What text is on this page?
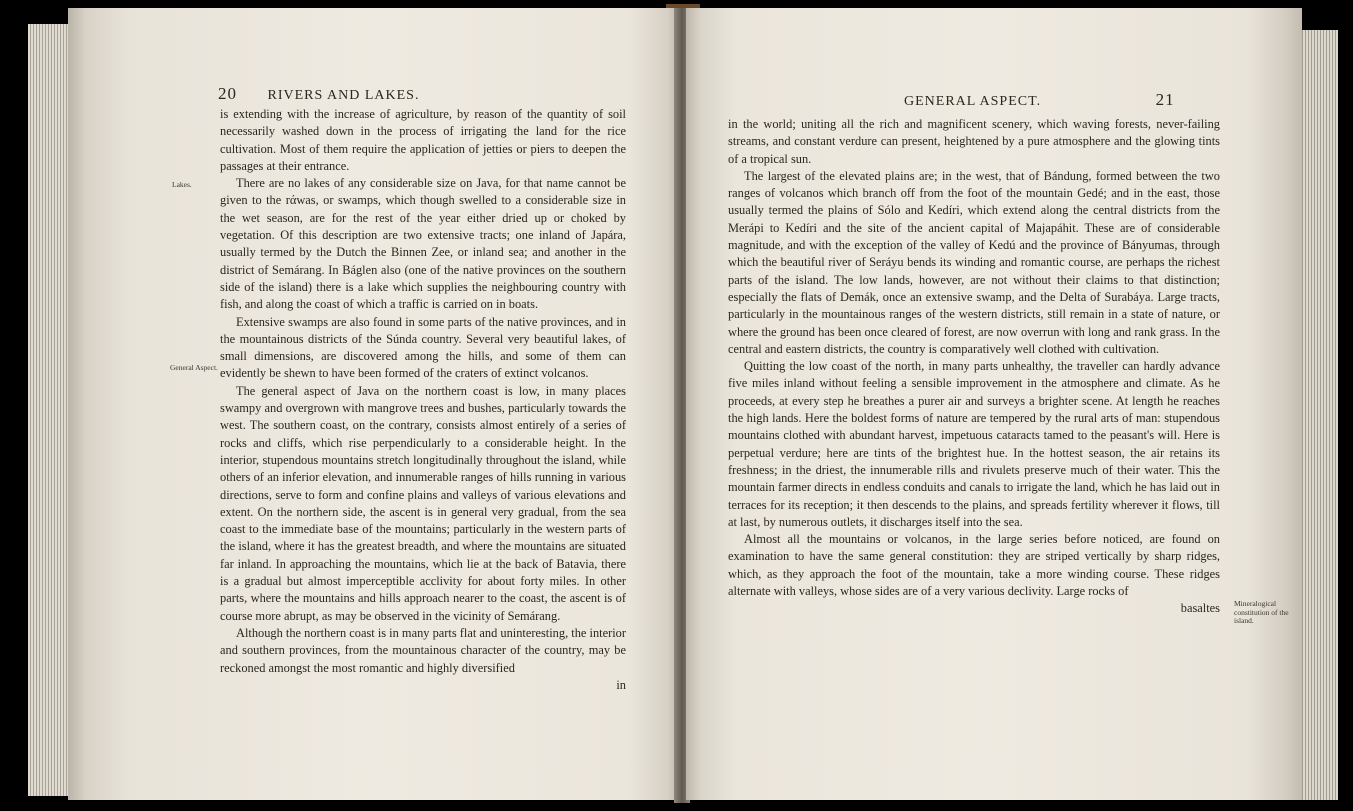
20 RIVERS AND LAKES.
Lakes.
General Aspect.

is extending with the increase of agriculture, by reason of the quantity of soil necessarily washed down in the process of irrigating the land for the rice cultivation. Most of them require the application of jetties or piers to deepen the passages at their entrance.

There are no lakes of any considerable size on Java, for that name cannot be given to the rάwas, or swamps, which though swelled to a considerable size in the wet season, are for the rest of the year either dried up or choked by vegetation. Of this description are two extensive tracts; one inland of Japára, usually termed by the Dutch the Binnen Zee, or inland sea; and another in the district of Semárang. In Báglen also (one of the native provinces on the southern side of the island) there is a lake which supplies the neighbouring country with fish, and along the coast of which a traffic is carried on in boats.

Extensive swamps are also found in some parts of the native provinces, and in the mountainous districts of the Súnda country. Several very beautiful lakes, of small dimensions, are discovered among the hills, and some of them can evidently be shewn to have been formed of the craters of extinct volcanos.

The general aspect of Java on the northern coast is low, in many places swampy and overgrown with mangrove trees and bushes, particularly towards the west. The southern coast, on the contrary, consists almost entirely of a series of rocks and cliffs, which rise perpendicularly to a considerable height. In the interior, stupendous mountains stretch longitudinally throughout the island, while others of an inferior elevation, and innumerable ranges of hills running in various directions, serve to form and confine plains and valleys of various elevations and extent. On the northern side, the ascent is in general very gradual, from the sea coast to the immediate base of the mountains; particularly in the western parts of the island, where it has the greatest breadth, and where the mountains are situated far inland. In approaching the mountains, which lie at the back of Batavia, there is a gradual but almost imperceptible acclivity for about forty miles. In other parts, where the mountains and hills approach nearer to the coast, the ascent is of course more abrupt, as may be observed in the vicinity of Semárang.

Although the northern coast is in many parts flat and uninteresting, the interior and southern provinces, from the mountainous character of the country, may be reckoned amongst the most romantic and highly diversified

in
GENERAL ASPECT.	21
Mineralogical constitution of the island.

in the world; uniting all the rich and magnificent scenery, which waving forests, never-failing streams, and constant verdure can present, heightened by a pure atmosphere and the glowing tints of a tropical sun.

The largest of the elevated plains are; in the west, that of Bándung, formed between the two ranges of volcanos which branch off from the foot of the mountain Gedé; and in the east, those usually termed the plains of Sólo and Kedíri, which extend along the central districts from the Merápi to Kedíri and the site of the ancient capital of Majapáhit. These are of considerable magnitude, and with the exception of the valley of Kedú and the province of Bányumas, through which the beautiful river of Seráyu bends its winding and romantic course, are perhaps the richest parts of the island. The low lands, however, are not without their claims to that distinction; especially the flats of Demák, once an extensive swamp, and the Delta of Surabáya. Large tracts, particularly in the mountainous ranges of the western districts, still remain in a state of nature, or where the ground has been once cleared of forest, are now overrun with long and rank grass. In the central and eastern districts, the country is comparatively well clothed with cultivation.

Quitting the low coast of the north, in many parts unhealthy, the traveller can hardly advance five miles inland without feeling a sensible improvement in the atmosphere and climate. As he proceeds, at every step he breathes a purer air and surveys a brighter scene. At length he reaches the high lands. Here the boldest forms of nature are tempered by the rural arts of man: stupendous mountains clothed with abundant harvest, impetuous cataracts tamed to the peasant's will. Here is perpetual verdure; here are tints of the brightest hue. In the hottest season, the air retains its freshness; in the driest, the innumerable rills and rivulets preserve much of their water. This the mountain farmer directs in endless conduits and canals to irrigate the land, which he has laid out in terraces for its reception; it then descends to the plains, and spreads fertility wherever it flows, till at last, by numerous outlets, it discharges itself into the sea.

Almost all the mountains or volcanos, in the large series before noticed, are found on examination to have the same general constitution: they are striped vertically by sharp ridges, which, as they approach the foot of the mountain, take a more winding course. These ridges alternate with valleys, whose sides are of a very various declivity. Large rocks of

basaltes
